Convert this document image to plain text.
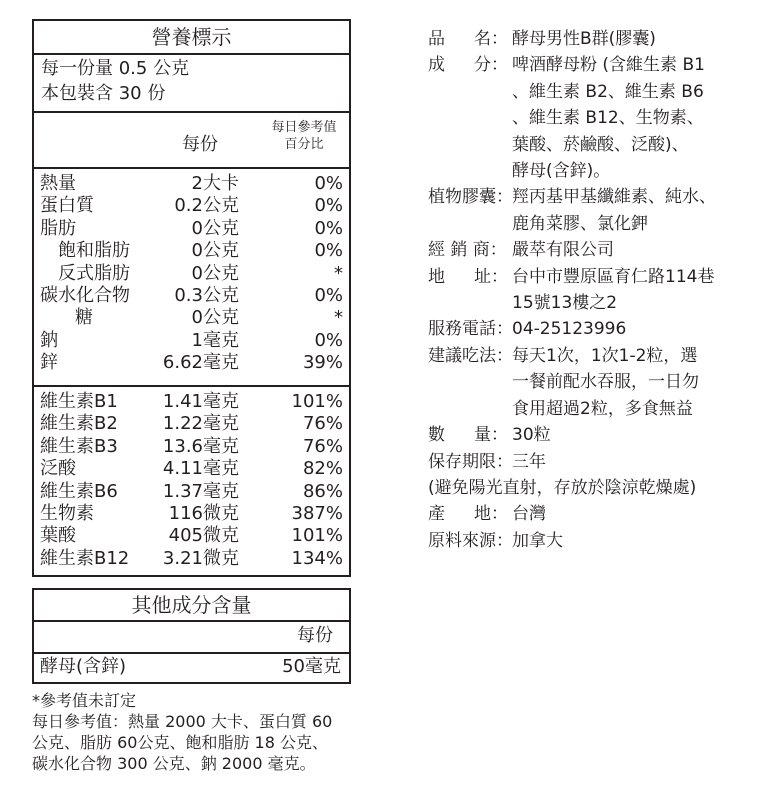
營養標示
每一份量 0.5 公克
本包裝含 30 份
每份
每日參考值
百分比
熱量	2大卡	0%
蛋白質	0.2公克	0%
脂肪	0公克	0%
飽和脂肪	0公克	0%
反式脂肪	0公克	*
碳水化合物 0.3公克	0%
糖	0公克	*
鈉	1毫克	0%
鋅	6.62毫克	39%
維生素B1	1.41毫克	101%
維生素B2	1.22毫克	76%
維生素B3	13.6毫克	76%
泛酸	4.11毫克	82%
維生素B6	1.37毫克	86%
生物素	116微克	387%
葉酸	405微克	101%
維生素B12 3.21微克	134%
其他成分含量
每份
酵母(含鋅)	50毫克
*參考值未訂定
每日參考值：熱量 2000 大卡、蛋白質 60
公克、脂肪 60公克、飽和脂肪 18 公克、
碳水化合物 300 公克、鈉 2000 毫克。
品 名： 酵母男性B群(膠囊)
成 分： 啤酒酵母粉 (含維生素 B1
、維生素 B2、維生素 B6
、維生素 B12、生物素、
葉酸、菸鹼酸、泛酸)、
酵母(含鋅)。
植物膠囊： 羥丙基甲基纖維素、純水、
鹿角菜膠、氯化鉀
經 銷 商： 嚴萃有限公司
地 址： 台中市豐原區育仁路114巷
15號13樓之2
服務電話： 04-25123996
建議吃法： 每天1次，1次1-2粒，選
一餐前配水吞服，一日勿
食用超過2粒，多食無益
數 量： 30粒
保存期限： 三年
(避免陽光直射，存放於陰涼乾燥處)
產 地： 台灣
原料來源： 加拿大
